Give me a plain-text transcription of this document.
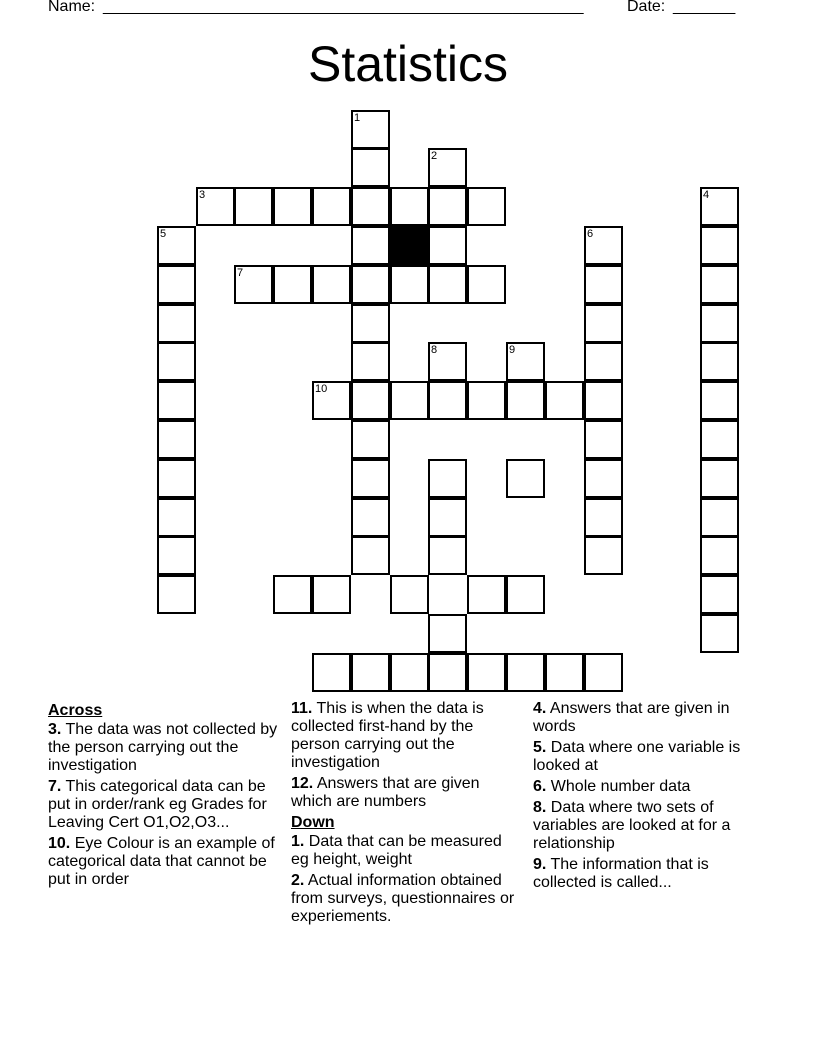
Name:

______________________________________________________

	Date:

_______

Statistics
1
2
3
5
4
6
7
8	9
10
Across
3. The data was not collected by the person carrying out the investigation
7. This categorical data can be put in order/rank eg Grades for Leaving Cert O1,O2,O3...
10. Eye Colour is an example of categorical data that cannot be put in order
11. This is when the data is collected first-hand by the person carrying out the investigation
12. Answers that are given which are numbers
Down
1. Data that can be measured eg height, weight
2. Actual information obtained from surveys, questionnaires or experiements.
4. Answers that are given in words
5. Data where one variable is looked at
6. Whole number data
8. Data where two sets of variables are looked at for a relationship
9. The information that is collected is called...
